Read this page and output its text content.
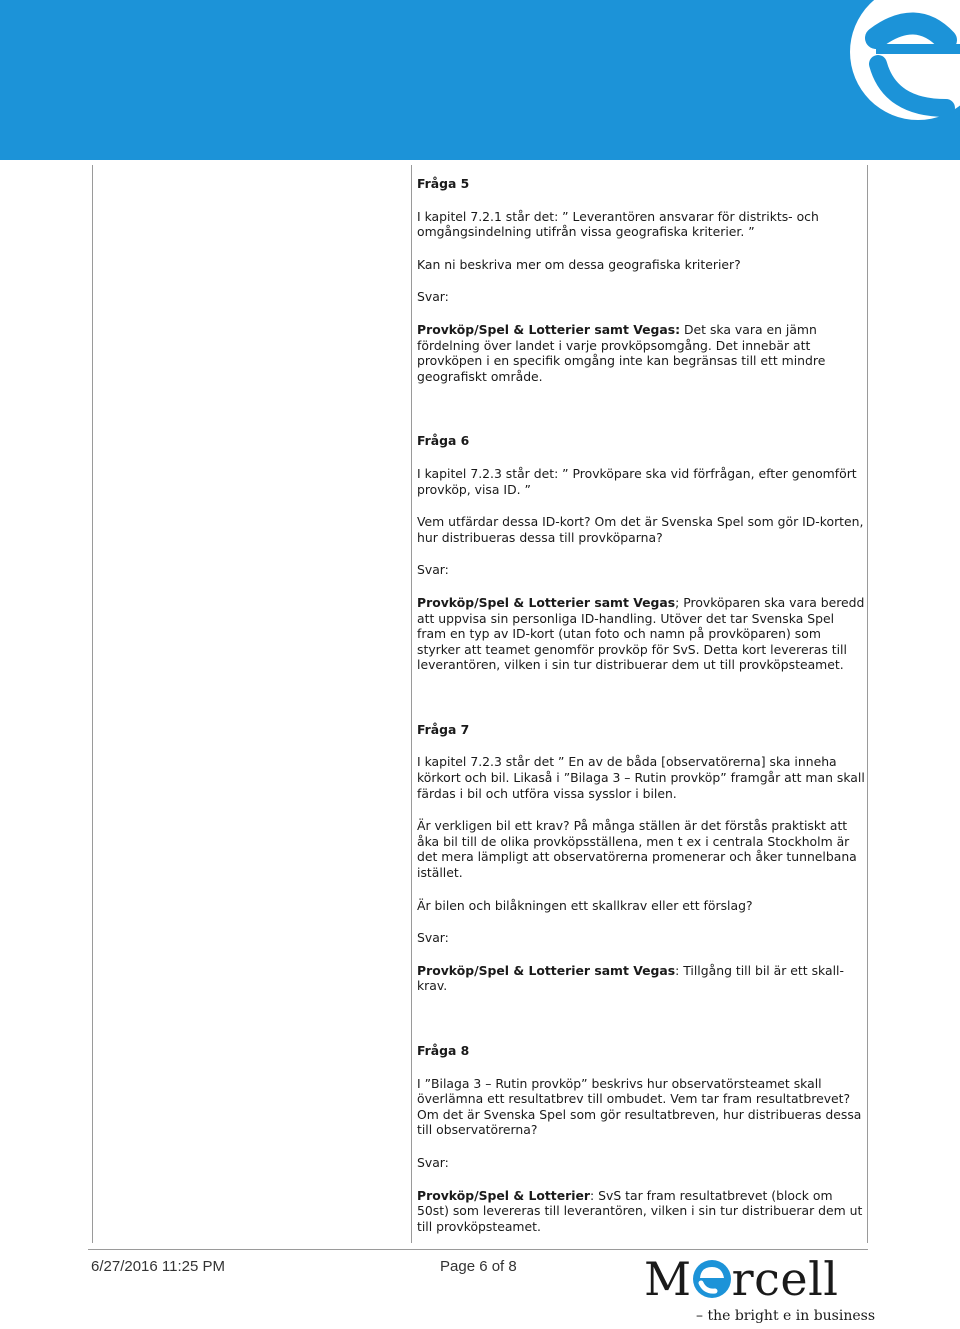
Fråga 5

I kapitel 7.2.1 står det: ” Leverantören ansvarar för distrikts- och omgångsindelning utifrån vissa geografiska kriterier. ”

Kan ni beskriva mer om dessa geografiska kriterier?

Svar:

Provköp/Spel & Lotterier samt Vegas: Det ska vara en jämn fördelning över landet i varje provköpsomgång. Det innebär att provköpen i en specifik omgång inte kan begränsas till ett mindre geografiskt område.

Fråga 6

I kapitel 7.2.3 står det: ” Provköpare ska vid förfrågan, efter genomfört provköp, visa ID. ”

Vem utfärdar dessa ID-kort? Om det är Svenska Spel som gör ID-korten, hur distribueras dessa till provköparna?

Svar:

Provköp/Spel & Lotterier samt Vegas; Provköparen ska vara beredd att uppvisa sin personliga ID-handling. Utöver det tar Svenska Spel fram en typ av ID-kort (utan foto och namn på provköparen) som styrker att teamet genomför provköp för SvS. Detta kort levereras till leverantören, vilken i sin tur distribuerar dem ut till provköpsteamet.

Fråga 7

I kapitel 7.2.3 står det ” En av de båda [observatörerna] ska inneha körkort och bil. Likaså i ”Bilaga 3 – Rutin provköp” framgår att man skall färdas i bil och utföra vissa sysslor i bilen.

Är verkligen bil ett krav? På många ställen är det förstås praktiskt att åka bil till de olika provköpsställena, men t ex i centrala Stockholm är det mera lämpligt att observatörerna promenerar och åker tunnelbana istället.

Är bilen och bilåkningen ett skallkrav eller ett förslag?

Svar:

Provköp/Spel & Lotterier samt Vegas: Tillgång till bil är ett skall-krav.

Fråga 8

I ”Bilaga 3 – Rutin provköp” beskrivs hur observatörsteamet skall överlämna ett resultatbrev till ombudet. Vem tar fram resultatbrevet? Om det är Svenska Spel som gör resultatbreven, hur distribueras dessa till observatörerna?

Svar:

Provköp/Spel & Lotterier: SvS tar fram resultatbrevet (block om 50st) som levereras till leverantören, vilken i sin tur distribuerar dem ut till provköpsteamet.

6/27/2016 11:25 PM	Page 6 of 8	M rcell
– the bright e in business
